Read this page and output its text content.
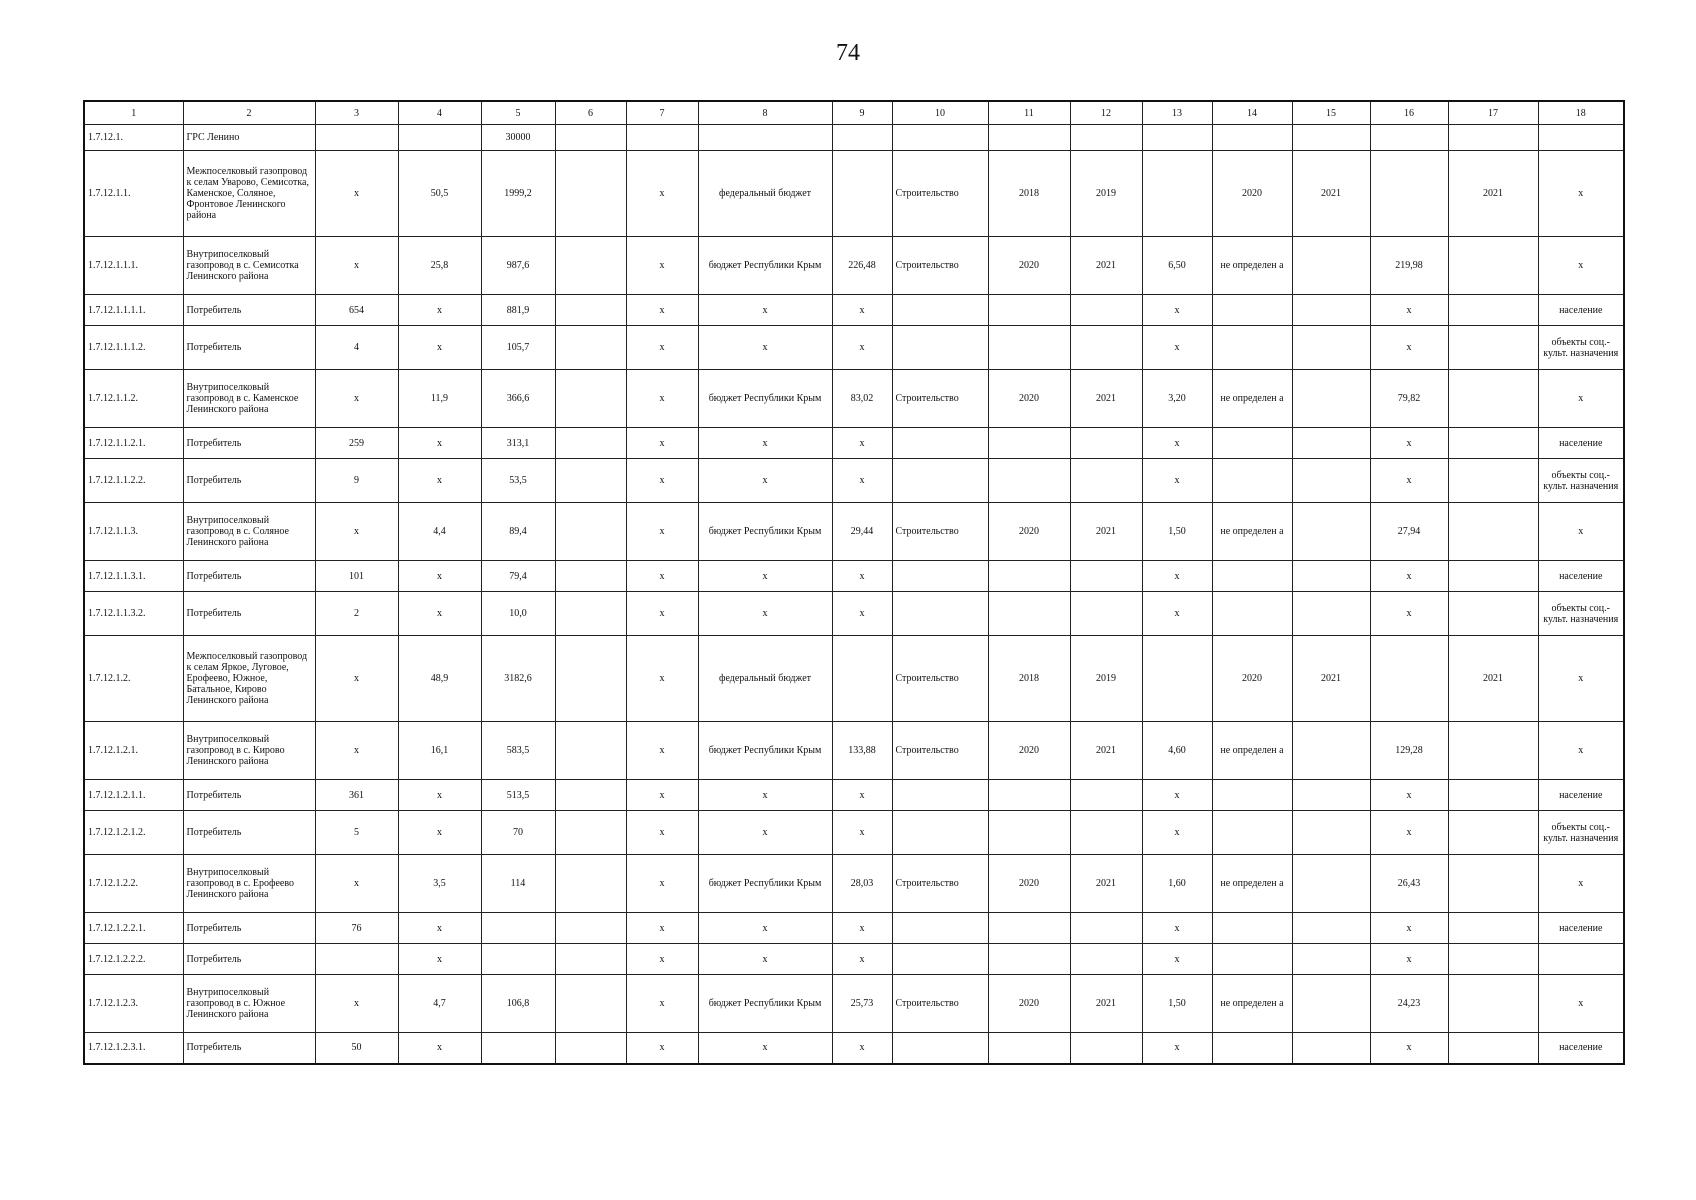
74
1	2	3	4	5	6	7	8	9	10	11	12	13	14	15	16	17	18
1.7.12.1.	ГРС Ленино			30000													
1.7.12.1.1.	Межпоселковый газопровод к селам Уварово, Семисотка, Каменское, Соляное, Фронтовое Ленинского района	х	50,5	1999,2		х	федеральный бюджет		Строительство	2018	2019		2020	2021		2021	х
1.7.12.1.1.1.	Внутрипоселковый газопровод в с. Семисотка Ленинского района	х	25,8	987,6		х	бюджет Республики Крым	226,48	Строительство	2020	2021	6,50	не определен а		219,98		х
1.7.12.1.1.1.1.	Потребитель	654	х	881,9		х	х	х				х			х		население
1.7.12.1.1.1.2.	Потребитель	4	х	105,7		х	х	х				х			х		объекты соц.-культ. назначения
1.7.12.1.1.2.	Внутрипоселковый газопровод в с. Каменское Ленинского района	х	11,9	366,6		х	бюджет Республики Крым	83,02	Строительство	2020	2021	3,20	не определен а		79,82		х
1.7.12.1.1.2.1.	Потребитель	259	х	313,1		х	х	х				х			х		население
1.7.12.1.1.2.2.	Потребитель	9	х	53,5		х	х	х				х			х		объекты соц.-культ. назначения
1.7.12.1.1.3.	Внутрипоселковый газопровод в с. Соляное Ленинского района	х	4,4	89,4		х	бюджет Республики Крым	29,44	Строительство	2020	2021	1,50	не определен а		27,94		х
1.7.12.1.1.3.1.	Потребитель	101	х	79,4		х	х	х				х			х		население
1.7.12.1.1.3.2.	Потребитель	2	х	10,0		х	х	х				х			х		объекты соц.-культ. назначения
1.7.12.1.2.	Межпоселковый газопровод к селам Яркое, Луговое, Ерофеево, Южное, Батальное, Кирово Ленинского района	х	48,9	3182,6		х	федеральный бюджет		Строительство	2018	2019		2020	2021		2021	х
1.7.12.1.2.1.	Внутрипоселковый газопровод в с. Кирово Ленинского района	х	16,1	583,5		х	бюджет Республики Крым	133,88	Строительство	2020	2021	4,60	не определен а		129,28		х
1.7.12.1.2.1.1.	Потребитель	361	х	513,5		х	х	х				х			х		население
1.7.12.1.2.1.2.	Потребитель	5	х	70		х	х	х				х			х		объекты соц.-культ. назначения
1.7.12.1.2.2.	Внутрипоселковый газопровод в с. Ерофеево Ленинского района	х	3,5	114		х	бюджет Республики Крым	28,03	Строительство	2020	2021	1,60	не определен а		26,43		х
1.7.12.1.2.2.1.	Потребитель	76	х			х	х	х				х			х		население
1.7.12.1.2.2.2.	Потребитель		х			х	х	х				х			х		
1.7.12.1.2.3.	Внутрипоселковый газопровод в с. Южное Ленинского района	х	4,7	106,8		х	бюджет Республики Крым	25,73	Строительство	2020	2021	1,50	не определен а		24,23		х
1.7.12.1.2.3.1.	Потребитель	50	х			х	х	х				х			х		население
